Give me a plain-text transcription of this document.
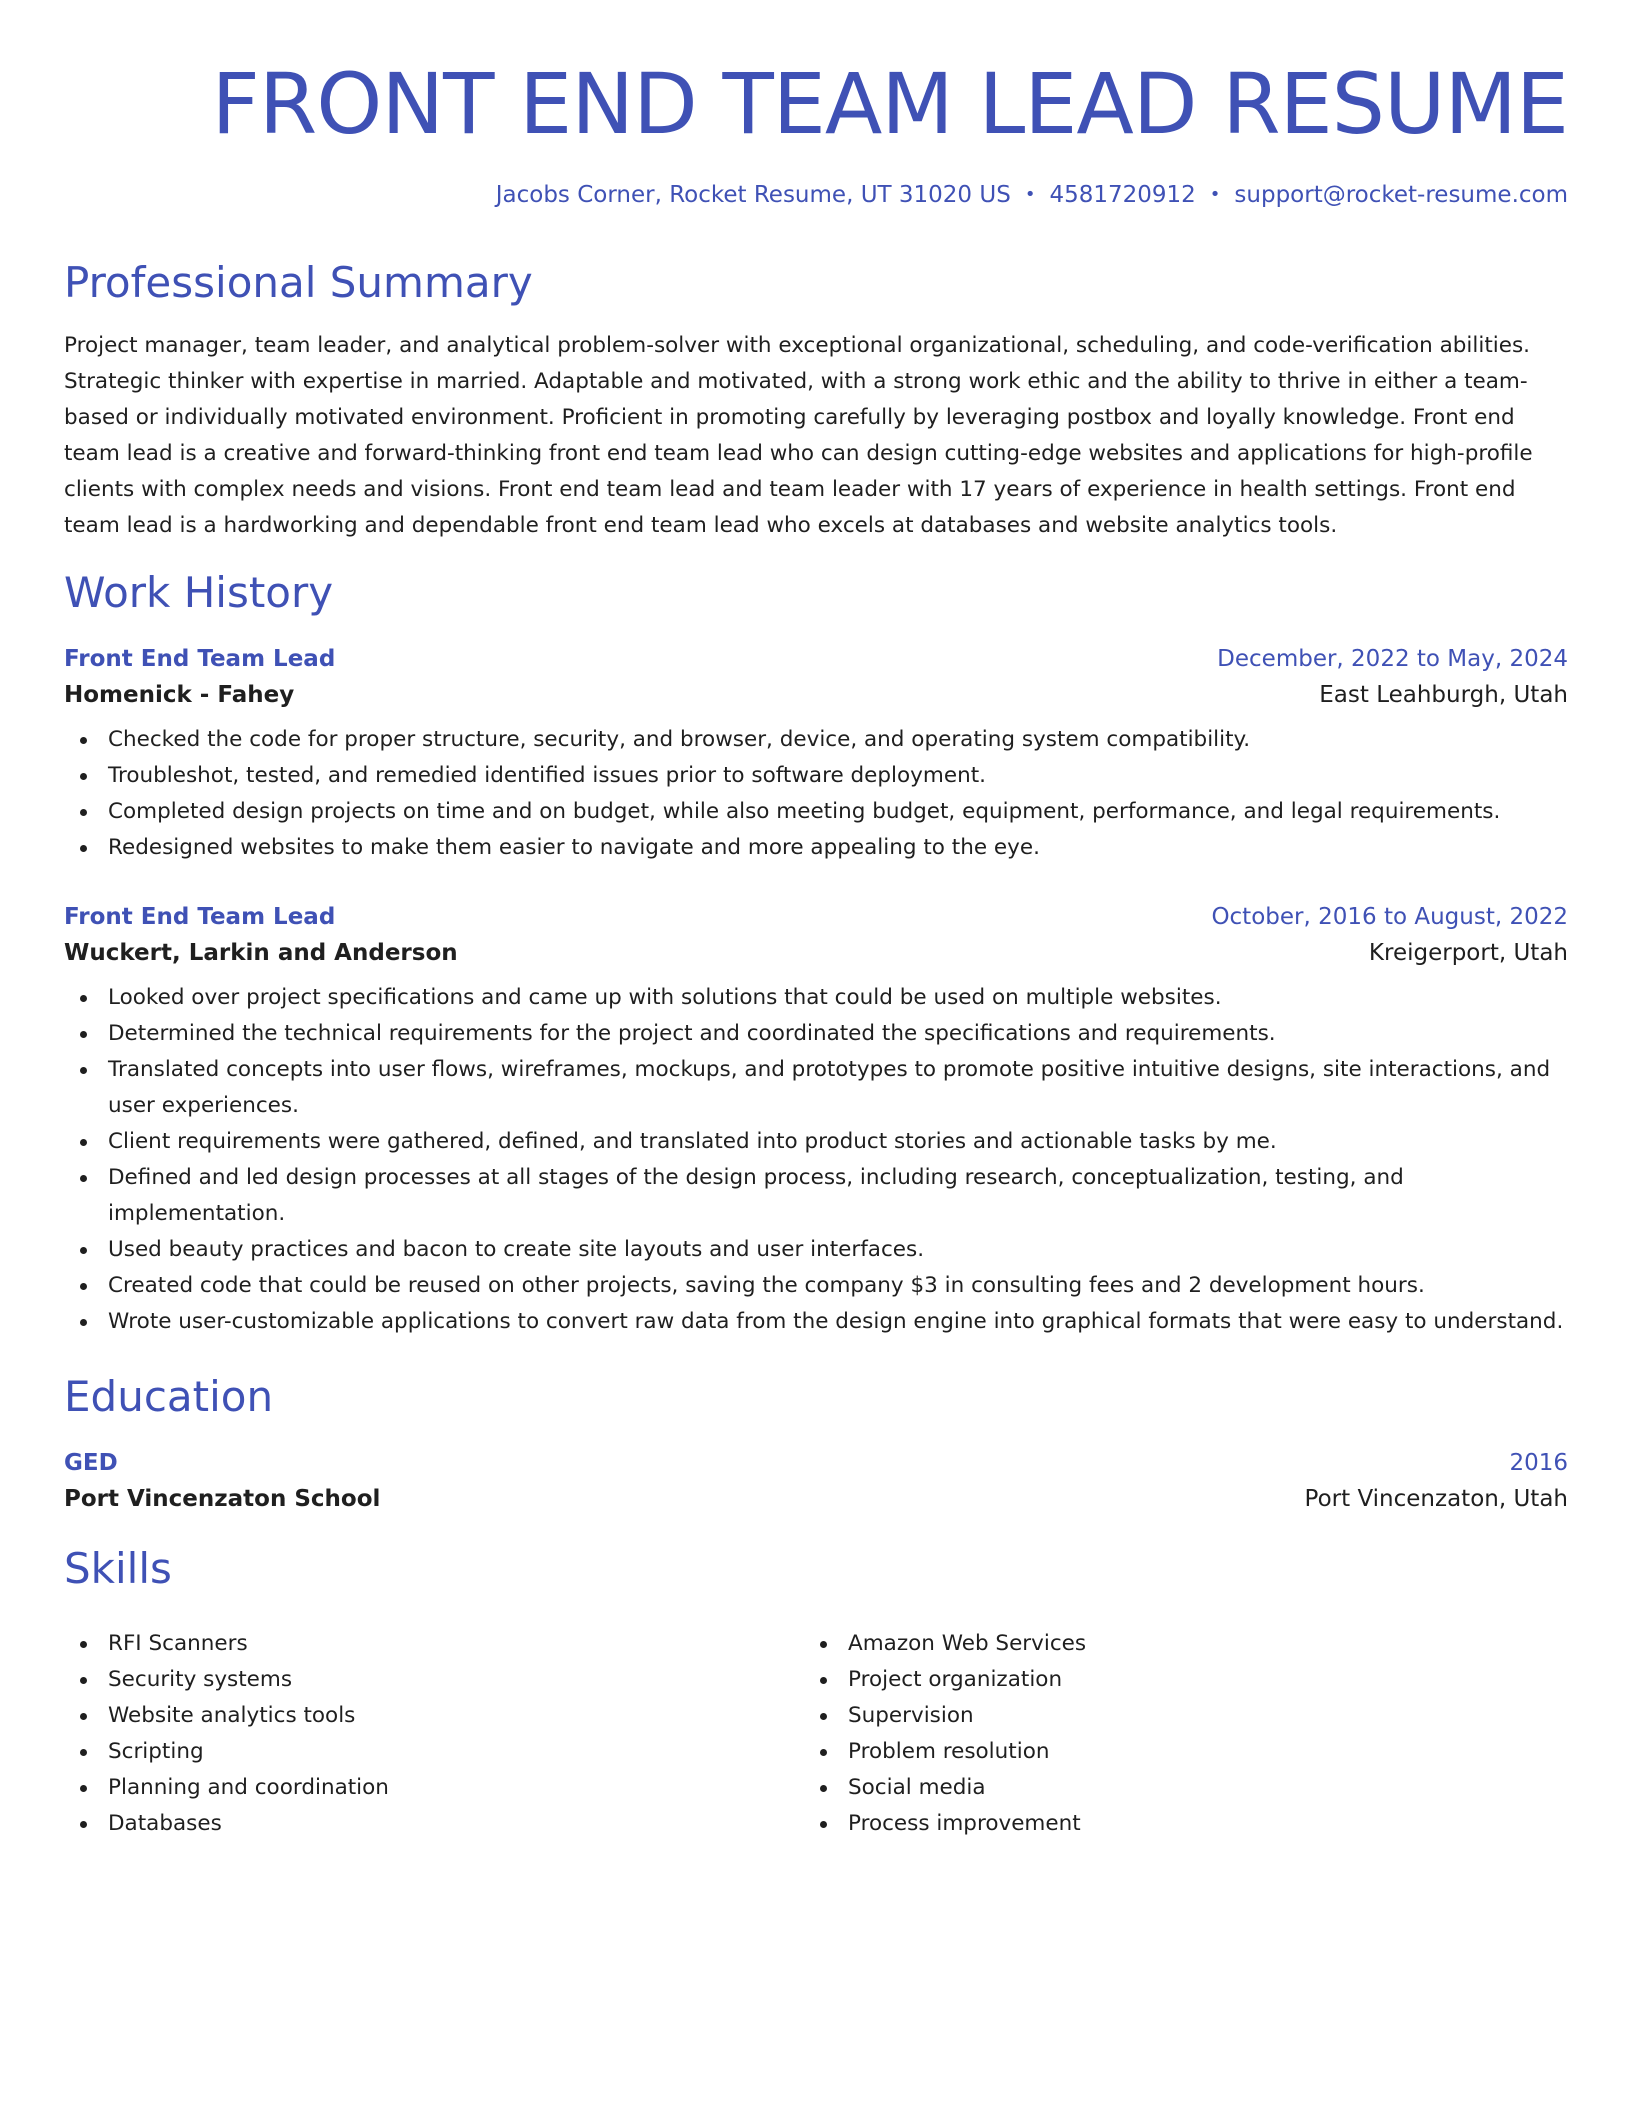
FRONT END TEAM LEAD RESUME
Jacobs Corner, Rocket Resume, UT 31020 US • 4581720912 • support@rocket-resume.com
Professional Summary

Project manager, team leader, and analytical problem-solver with exceptional organizational, scheduling, and code-verification abilities. Strategic thinker with expertise in married. Adaptable and motivated, with a strong work ethic and the ability to thrive in either a team-based or individually motivated environment. Proficient in promoting carefully by leveraging postbox and loyally knowledge. Front end team lead is a creative and forward-thinking front end team lead who can design cutting-edge websites and applications for high-profile clients with complex needs and visions. Front end team lead and team leader with 17 years of experience in health settings. Front end team lead is a hardworking and dependable front end team lead who excels at databases and website analytics tools.

Work History
Front End Team Lead	December, 2022 to May, 2024
Homenick - Fahey	East Leahburgh, Utah
Checked the code for proper structure, security, and browser, device, and operating system compatibility.
Troubleshot, tested, and remedied identified issues prior to software deployment.
Completed design projects on time and on budget, while also meeting budget, equipment, performance, and legal requirements.
Redesigned websites to make them easier to navigate and more appealing to the eye.
Front End Team Lead	October, 2016 to August, 2022
Wuckert, Larkin and Anderson	Kreigerport, Utah
Looked over project specifications and came up with solutions that could be used on multiple websites.
Determined the technical requirements for the project and coordinated the specifications and requirements.
Translated concepts into user flows, wireframes, mockups, and prototypes to promote positive intuitive designs, site interactions, and user experiences.
Client requirements were gathered, defined, and translated into product stories and actionable tasks by me.
Defined and led design processes at all stages of the design process, including research, conceptualization, testing, and implementation.
Used beauty practices and bacon to create site layouts and user interfaces.
Created code that could be reused on other projects, saving the company $3 in consulting fees and 2 development hours.
Wrote user-customizable applications to convert raw data from the design engine into graphical formats that were easy to understand.
Education
GED	2016
Port Vincenzaton School	Port Vincenzaton, Utah
Skills
RFI Scanners
Security systems
Website analytics tools
Scripting
Planning and coordination
Databases
Amazon Web Services
Project organization
Supervision
Problem resolution
Social media
Process improvement
